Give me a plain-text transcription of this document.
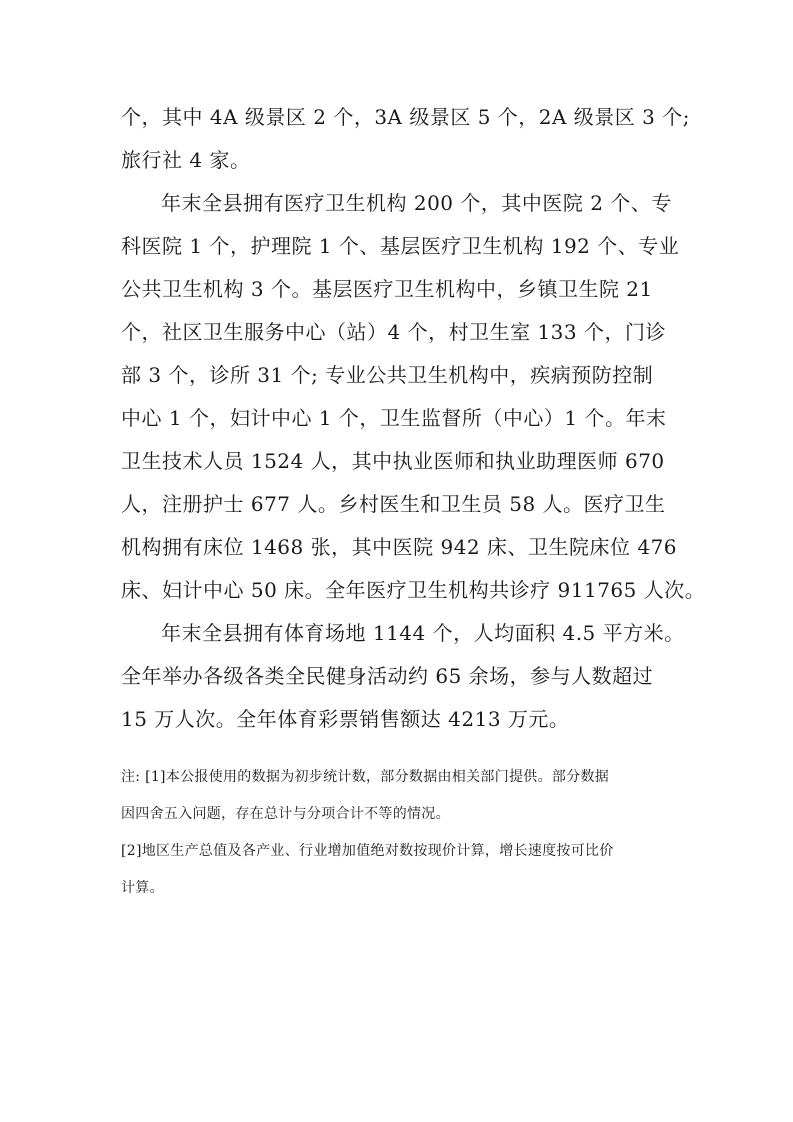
个，其中 4A 级景区 2 个，3A 级景区 5 个，2A 级景区 3 个;
旅行社 4 家。
年末全县拥有医疗卫生机构 200 个，其中医院 2 个、专
科医院 1 个，护理院 1 个、基层医疗卫生机构 192 个、专业
公共卫生机构 3 个。基层医疗卫生机构中，乡镇卫生院 21
个，社区卫生服务中心（站）4 个，村卫生室 133 个，门诊
部 3 个，诊所 31 个; 专业公共卫生机构中，疾病预防控制
中心 1 个，妇计中心 1 个，卫生监督所（中心）1 个。年末
卫生技术人员 1524 人，其中执业医师和执业助理医师 670
人，注册护士 677 人。乡村医生和卫生员 58 人。医疗卫生
机构拥有床位 1468 张，其中医院 942 床、卫生院床位 476
床、妇计中心 50 床。全年医疗卫生机构共诊疗 911765 人次。
年末全县拥有体育场地 1144 个，人均面积 4.5 平方米。
全年举办各级各类全民健身活动约 65 余场，参与人数超过
15 万人次。全年体育彩票销售额达 4213 万元。
注: [1]本公报使用的数据为初步统计数，部分数据由相关部门提供。部分数据
因四舍五入问题，存在总计与分项合计不等的情况。
[2]地区生产总值及各产业、行业增加值绝对数按现价计算，增长速度按可比价
计算。
